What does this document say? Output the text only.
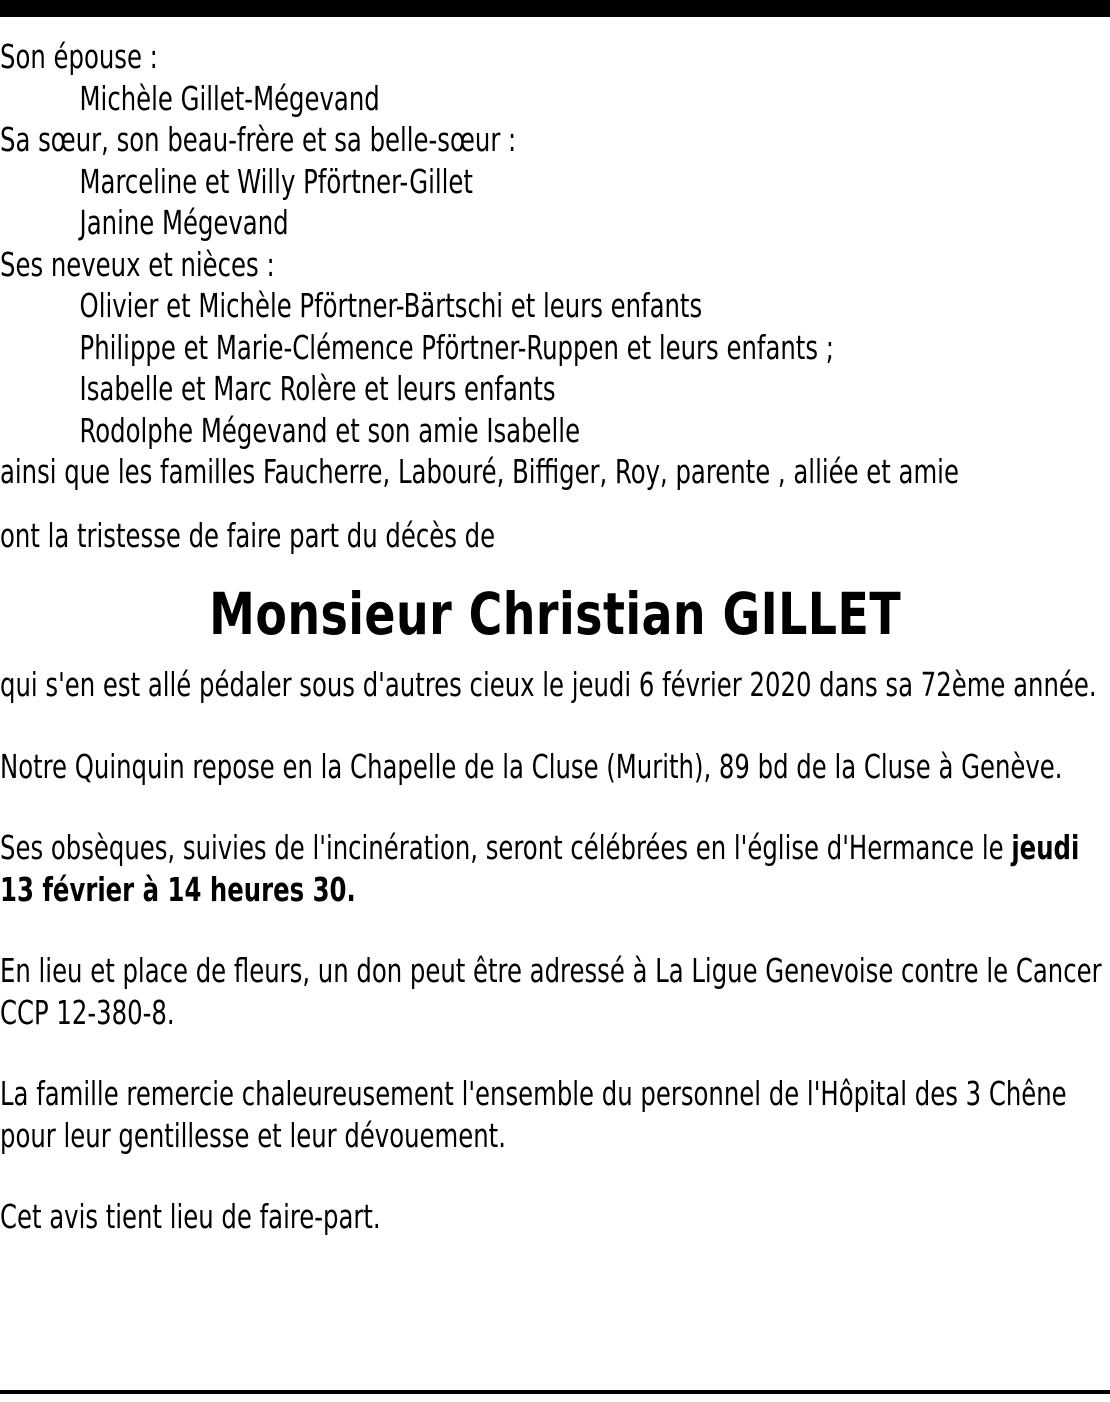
Son épouse :
Michèle Gillet-Mégevand
Sa sœur, son beau-frère et sa belle-sœur :
Marceline et Willy Pförtner-Gillet
Janine Mégevand
Ses neveux et nièces :
Olivier et Michèle Pförtner-Bärtschi et leurs enfants
Philippe et Marie-Clémence Pförtner-Ruppen et leurs enfants ;
Isabelle et Marc Rolère et leurs enfants
Rodolphe Mégevand et son amie Isabelle
ainsi que les familles Faucherre, Labouré, Biffiger, Roy, parente , alliée et amie
ont la tristesse de faire part du décès de
Monsieur Christian GILLET
qui s'en est allé pédaler sous d'autres cieux le jeudi 6 février 2020 dans sa 72ème année.
Notre Quinquin repose en la Chapelle de la Cluse (Murith), 89 bd de la Cluse à Genève.
Ses obsèques, suivies de l'incinération, seront célébrées en l'église d'Hermance le jeudi 13 février à 14 heures 30.
En lieu et place de fleurs, un don peut être adressé à La Ligue Genevoise contre le Cancer CCP 12-380-8.
La famille remercie chaleureusement l'ensemble du personnel de l'Hôpital des 3 Chêne pour leur gentillesse et leur dévouement.
Cet avis tient lieu de faire-part.
